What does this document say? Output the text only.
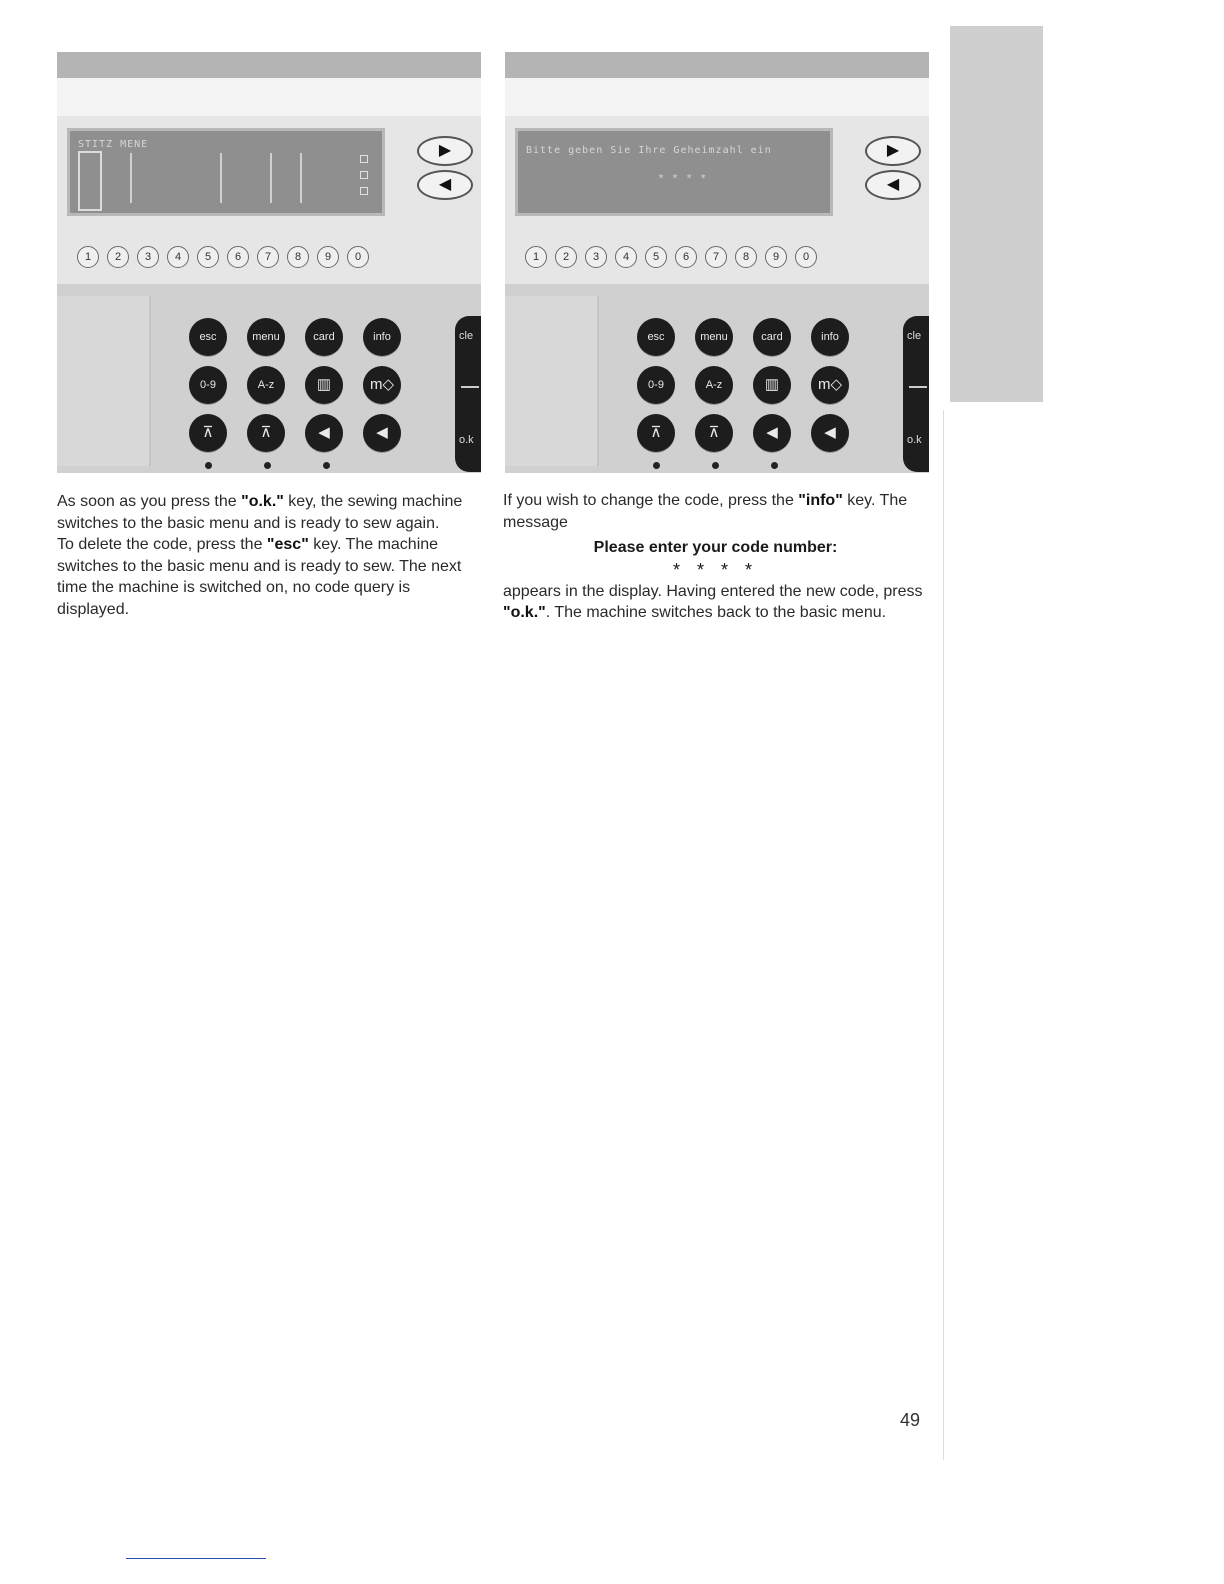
STITZ MENE	▶
◀
1	2	3	4	5	6	7	8	9	0
esc	menu	card	info
0-9	A-z	▥	m◇
⊼	⊼	◀	◀
cle
o.k
Bitte geben Sie Ihre Geheimzahl ein
* * * *
▶
◀
1	2	3	4	5	6	7	8	9	0
esc	menu	card	info
0-9	A-z	▥	m◇
⊼	⊼	◀	◀
cle
o.k

As soon as you press the "o.k." key, the sewing machine switches to the basic menu and is ready to sew again.

To delete the code, press the "esc" key. The machine switches to the basic menu and is ready to sew. The next time the machine is switched on, no code query is displayed.

If you wish to change the code, press the "info" key. The message

Please enter your code number:
* * * *

appears in the display. Having entered the new code, press "o.k.". The machine switches back to the basic menu.

49
